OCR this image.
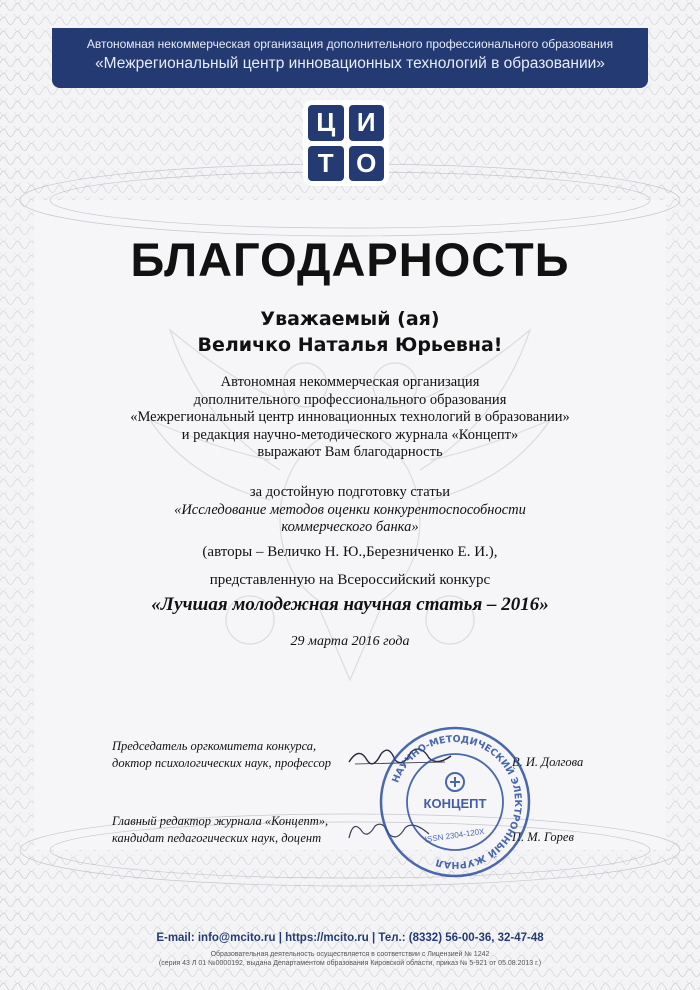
Автономная некоммерческая организация дополнительного профессионального образования
«Межрегиональный центр инновационных технологий в образовании»
Ц И
Т О
БЛАГОДАРНОСТЬ
Уважаемый (ая)
Величко Наталья Юрьевна!
Автономная некоммерческая организация
дополнительного профессионального образования
«Межрегиональный центр инновационных технологий в образовании»
и редакция научно-методического журнала «Концепт»
выражают Вам благодарность
за достойную подготовку статьи
«Исследование методов оценки конкурентоспособности
коммерческого банка»
(авторы – Величко Н. Ю.,Березниченко Е. И.),
представленную на Всероссийский конкурс
«Лучшая молодежная научная статья – 2016»
29 марта 2016 года
Председатель оргкомитета конкурса,
доктор психологических наук, профессор	В. И. Долгова
Главный редактор журнала «Концепт»,
кандидат педагогических наук, доцент	П. М. Горев
НАУЧНО-МЕТОДИЧЕСКИЙ ЭЛЕКТРОННЫЙ ЖУРНАЛ
КОНЦЕПТ
ISSN 2304-120X
E-mail: info@mcito.ru | https://mcito.ru | Тел.: (8332) 56-00-36, 32-47-48
Образовательная деятельность осуществляется в соответствии с Лицензией № 1242
(серия 43 Л 01 №0000192, выдана Департаментом образования Кировской области, приказ № 5-921 от 05.08.2013 г.)
